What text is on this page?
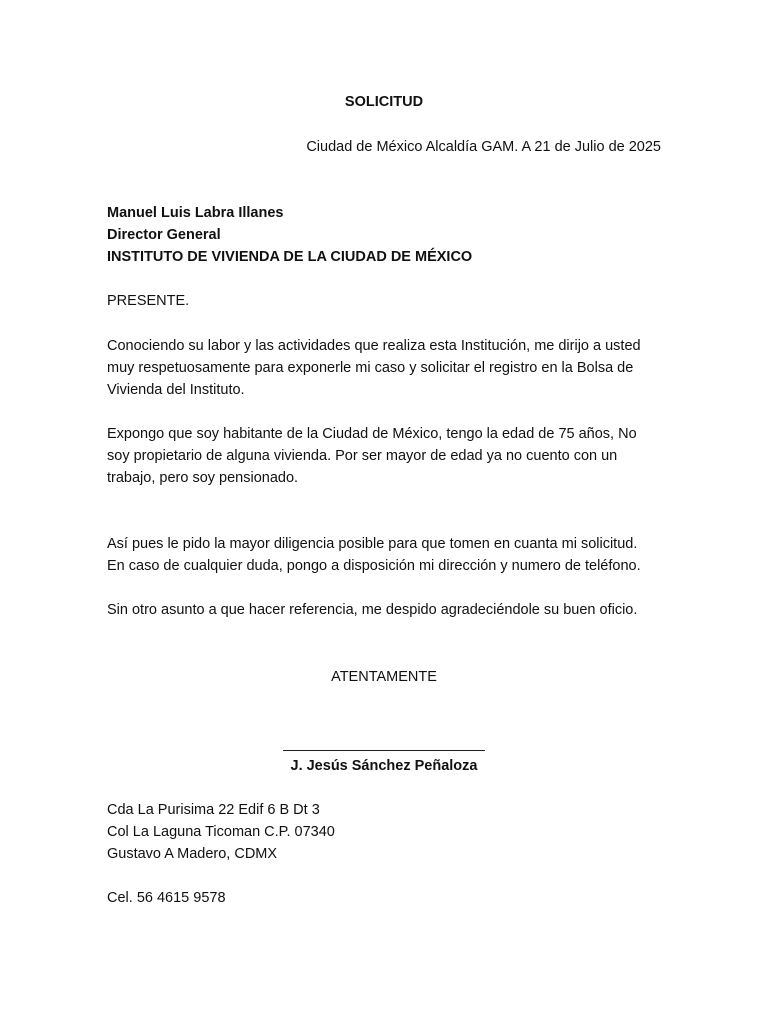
SOLICITUD

Ciudad de México Alcaldía GAM. A 21 de Julio de 2025

Manuel Luis Labra Illanes
Director General
INSTITUTO DE VIVIENDA DE LA CIUDAD DE MÉXICO

PRESENTE.

Conociendo su labor y las actividades que realiza esta Institución, me dirijo a usted
muy respetuosamente para exponerle mi caso y solicitar el registro en la Bolsa de
Vivienda del Instituto.
Expongo que soy habitante de la Ciudad de México, tengo la edad de 75 años, No
soy propietario de alguna vivienda. Por ser mayor de edad ya no cuento con un
trabajo, pero soy pensionado.
Así pues le pido la mayor diligencia posible para que tomen en cuanta mi solicitud.
En caso de cualquier duda, pongo a disposición mi dirección y numero de teléfono.
Sin otro asunto a que hacer referencia, me despido agradeciéndole su buen oficio.

ATENTAMENTE

_________________________

J. Jesús Sánchez Peñaloza

Cda La Purisima 22 Edif 6 B Dt 3
Col La Laguna Ticoman C.P. 07340
Gustavo A Madero, CDMX

Cel. 56 4615 9578
